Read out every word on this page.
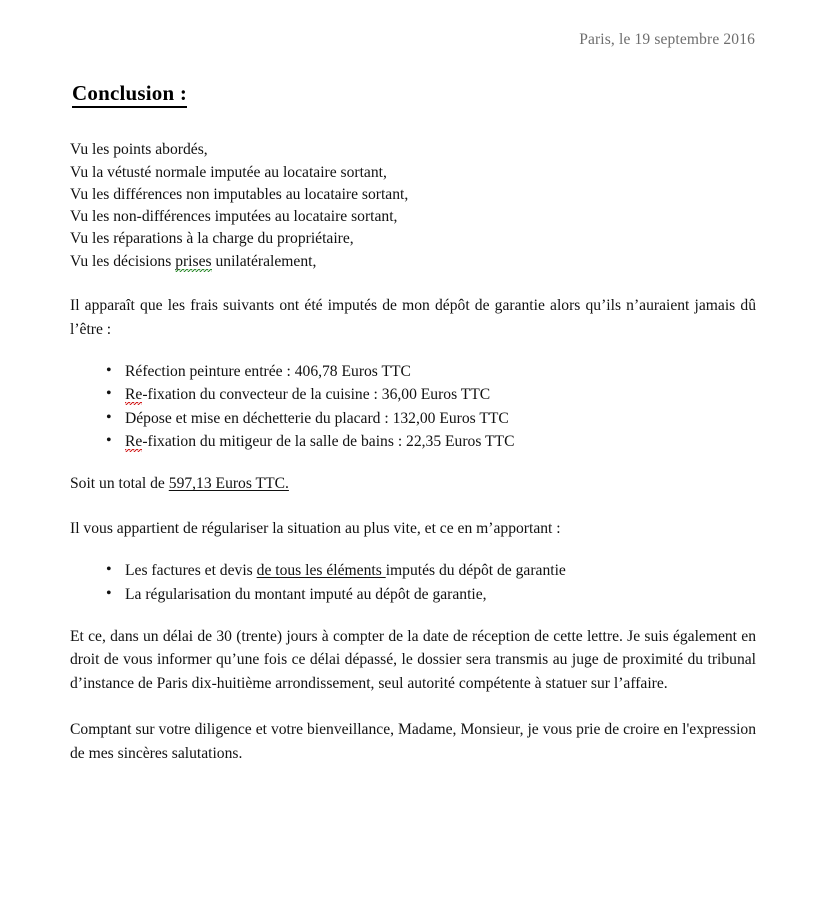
Paris, le 19 septembre 2016
Conclusion :
Vu les points abordés,
Vu la vétusté normale imputée au locataire sortant,
Vu les différences non imputables au locataire sortant,
Vu les non-différences imputées au locataire sortant,
Vu les réparations à la charge du propriétaire,
Vu les décisions prises unilatéralement,
Il apparaît que les frais suivants ont été imputés de mon dépôt de garantie alors qu’ils n’auraient jamais dû l’être :
• Réfection peinture entrée : 406,78 Euros TTC
• Re-fixation du convecteur de la cuisine : 36,00 Euros TTC
• Dépose et mise en déchetterie du placard : 132,00 Euros TTC
• Re-fixation du mitigeur de la salle de bains : 22,35 Euros TTC
Soit un total de 597,13 Euros TTC.
Il vous appartient de régulariser la situation au plus vite, et ce en m’apportant :
• Les factures et devis de tous les éléments imputés du dépôt de garantie
• La régularisation du montant imputé au dépôt de garantie,
Et ce, dans un délai de 30 (trente) jours à compter de la date de réception de cette lettre. Je suis également en droit de vous informer qu’une fois ce délai dépassé, le dossier sera transmis au juge de proximité du tribunal d’instance de Paris dix-huitième arrondissement, seul autorité compétente à statuer sur l’affaire.
Comptant sur votre diligence et votre bienveillance, Madame, Monsieur, je vous prie de croire en l'expression de mes sincères salutations.
